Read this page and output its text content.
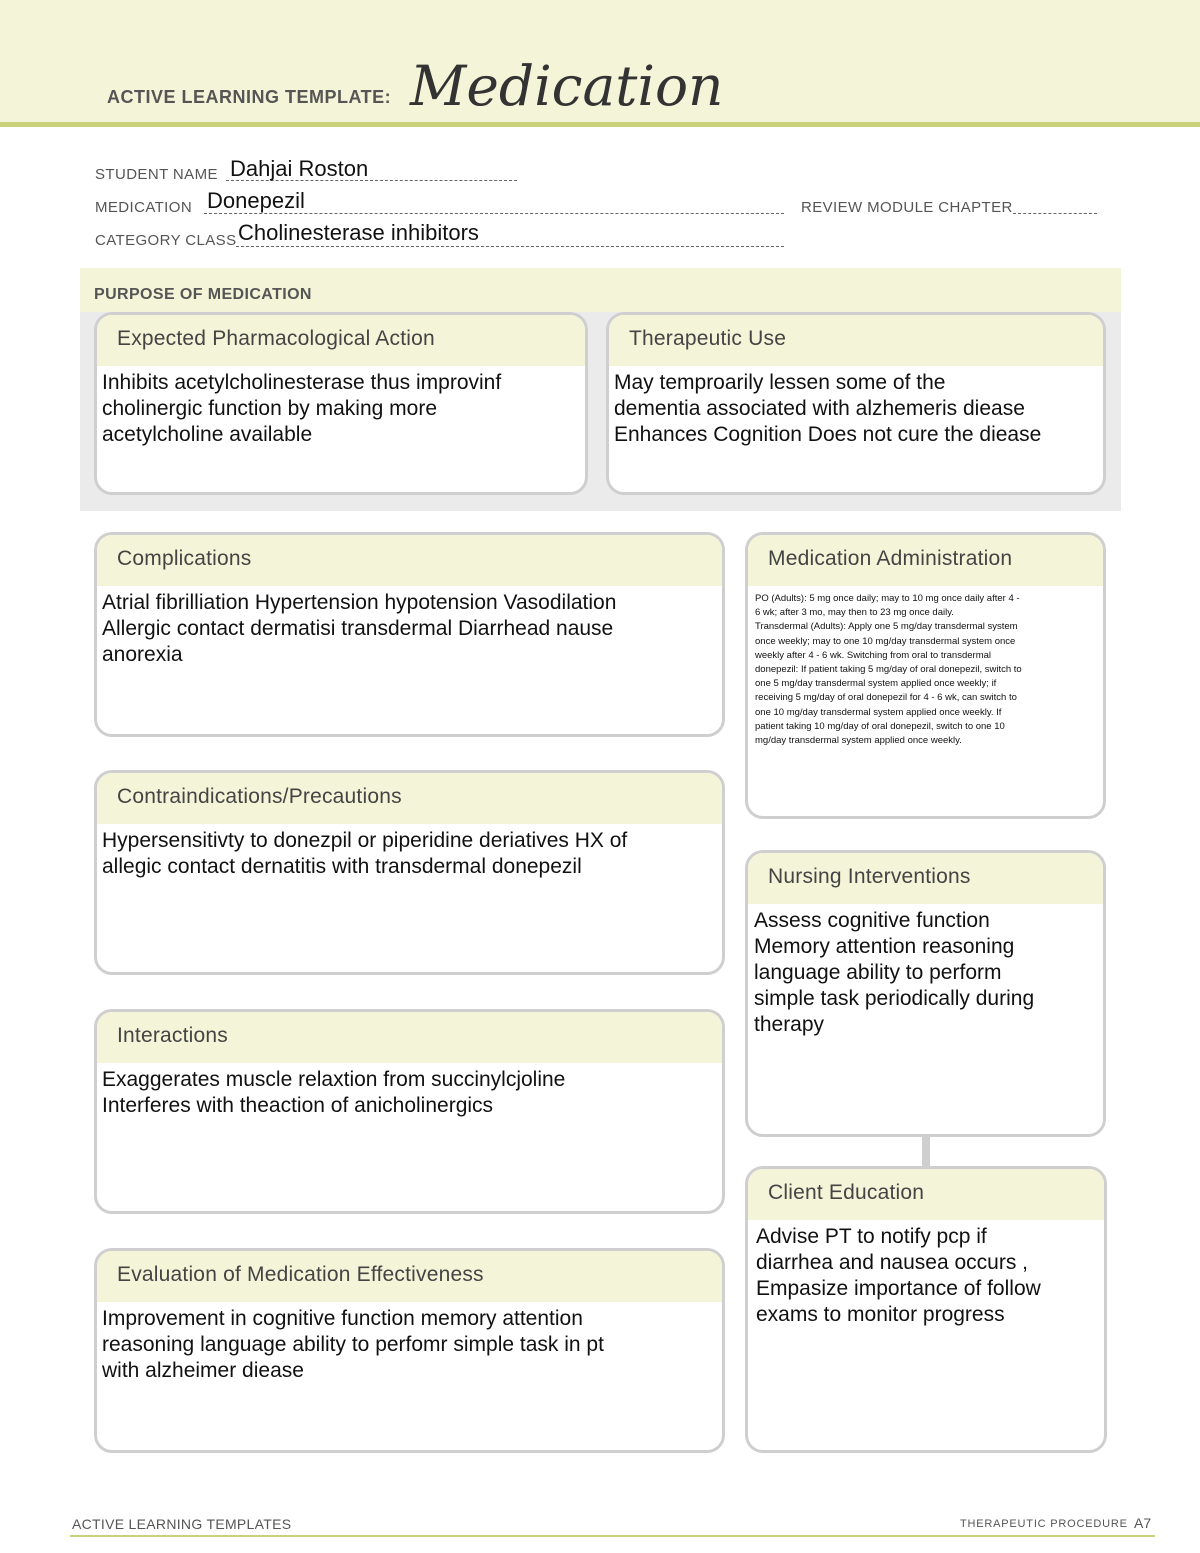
ACTIVE LEARNING TEMPLATE: Medication
STUDENT NAME Dahjai Roston
MEDICATION Donepezil	REVIEW MODULE CHAPTER
CATEGORY CLASS Cholinesterase inhibitors
PURPOSE OF MEDICATION
Expected Pharmacological Action
Inhibits acetylcholinesterase thus improvinf
cholinergic function by making more
acetylcholine available
Therapeutic Use
May temproarily lessen some of the
dementia associated with alzhemeris diease
Enhances Cognition Does not cure the diease
Complications
Atrial fibrilliation Hypertension hypotension Vasodilation
Allergic contact dermatisi transdermal Diarrhead nause
anorexia
Medication Administration
PO (Adults): 5 mg once daily; may to 10 mg once daily after 4 -
6 wk; after 3 mo, may then to 23 mg once daily.
Transdermal (Adults): Apply one 5 mg/day transdermal system
once weekly; may to one 10 mg/day transdermal system once
weekly after 4 - 6 wk. Switching from oral to transdermal
donepezil: If patient taking 5 mg/day of oral donepezil, switch to
one 5 mg/day transdermal system applied once weekly; if
receiving 5 mg/day of oral donepezil for 4 - 6 wk, can switch to
one 10 mg/day transdermal system applied once weekly. If
patient taking 10 mg/day of oral donepezil, switch to one 10
mg/day transdermal system applied once weekly.
Contraindications/Precautions
Hypersensitivty to donezpil or piperidine deriatives HX of
allegic contact dernatitis with transdermal donepezil	Nursing Interventions
Assess cognitive function
Memory attention reasoning
language ability to perform
simple task periodically during
therapy
Interactions
Exaggerates muscle relaxtion from succinylcjoline
Interferes with theaction of anicholinergics
Client Education
Advise PT to notify pcp if
diarrhea and nausea occurs ,
Empasize importance of follow
exams to monitor progress
Evaluation of Medication Effectiveness
Improvement in cognitive function memory attention
reasoning language ability to perfomr simple task in pt
with alzheimer diease
ACTIVE LEARNING TEMPLATES	THERAPEUTIC PROCEDURE A7
